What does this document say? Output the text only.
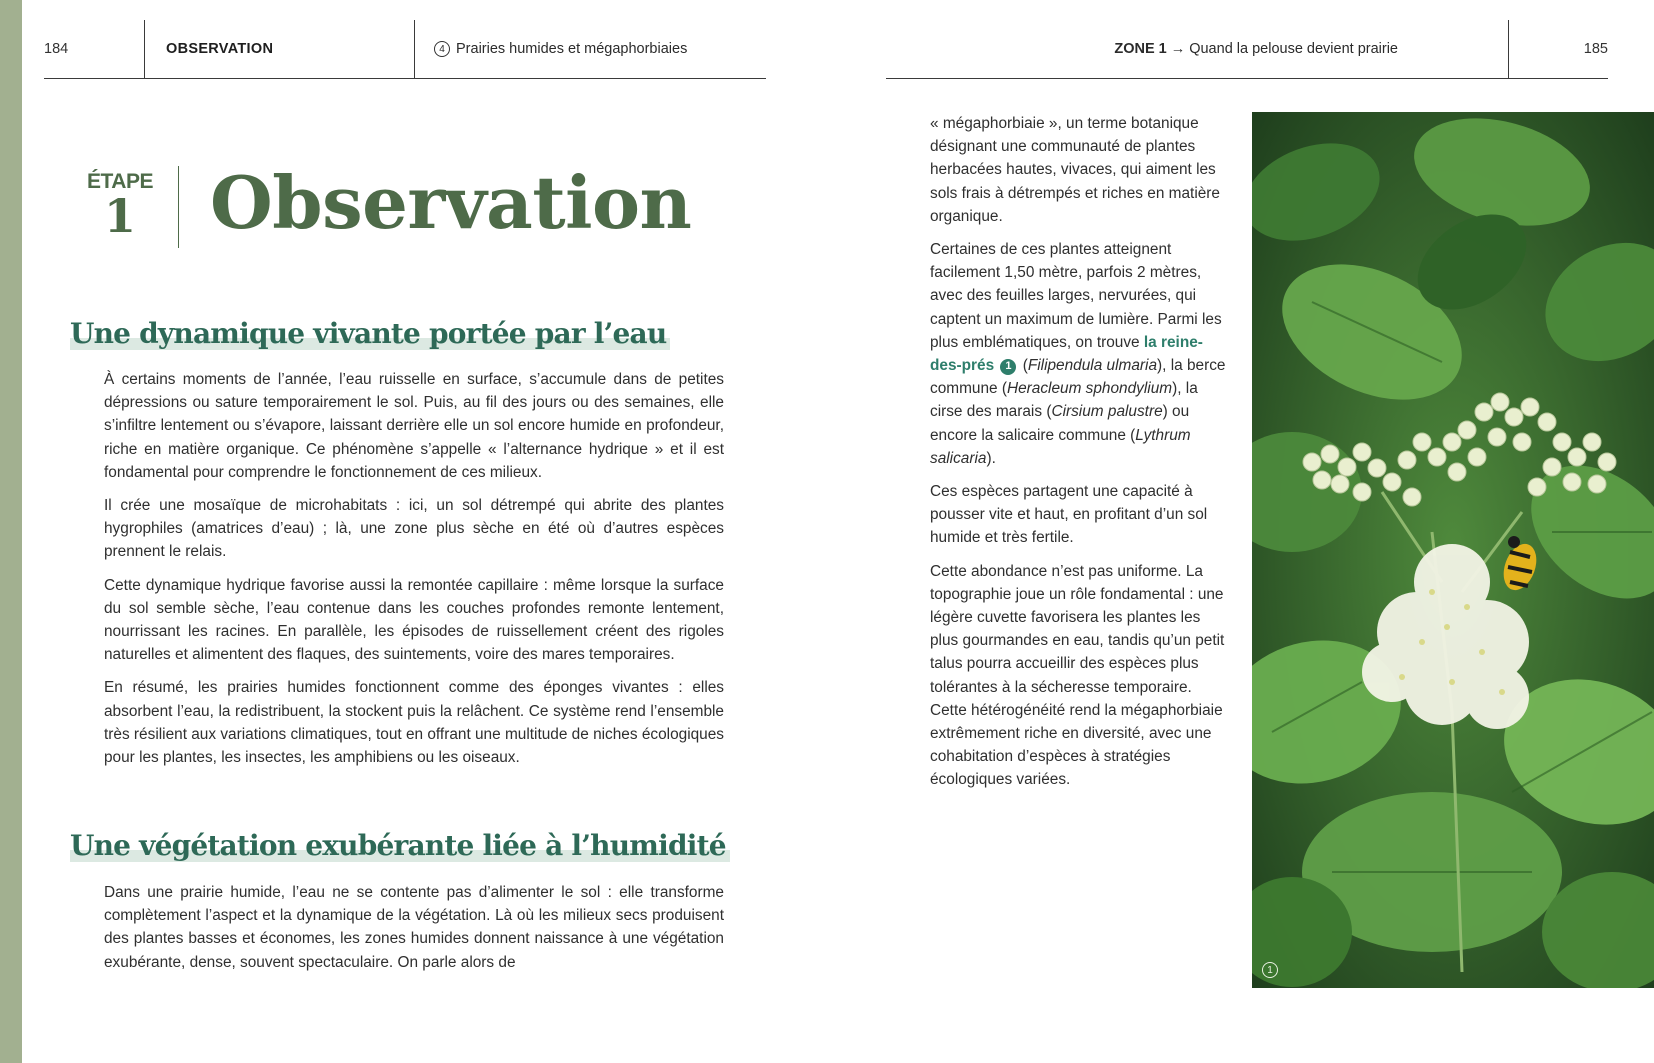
184	OBSERVATION	4 Prairies humides et mégaphorbiaies	ZONE 1 → Quand la pelouse devient prairie	185
ÉTAPE
1	Observation
Une dynamique vivante portée par l’eau

À certains moments de l’année, l’eau ruisselle en surface, s’accumule dans de petites dépressions ou sature temporairement le sol. Puis, au fil des jours ou des semaines, elle s’infiltre lentement ou s’évapore, laissant derrière elle un sol encore humide en profondeur, riche en matière organique. Ce phénomène s’appelle « l’alternance hydrique » et il est fondamental pour comprendre le fonctionnement de ces milieux.

Il crée une mosaïque de microhabitats : ici, un sol détrempé qui abrite des plantes hygrophiles (amatrices d’eau) ; là, une zone plus sèche en été où d’autres espèces prennent le relais.

Cette dynamique hydrique favorise aussi la remontée capillaire : même lorsque la surface du sol semble sèche, l’eau contenue dans les couches profondes remonte lentement, nourrissant les racines. En parallèle, les épisodes de ruissellement créent des rigoles naturelles et alimentent des flaques, des suintements, voire des mares temporaires.

En résumé, les prairies humides fonctionnent comme des éponges vivantes : elles absorbent l’eau, la redistribuent, la stockent puis la relâchent. Ce système rend l’ensemble très résilient aux variations climatiques, tout en offrant une multitude de niches écologiques pour les plantes, les insectes, les amphibiens ou les oiseaux.

Une végétation exubérante liée à l’humidité

Dans une prairie humide, l’eau ne se contente pas d’alimenter le sol : elle transforme complètement l’aspect et la dynamique de la végétation. Là où les milieux secs produisent des plantes basses et économes, les zones humides donnent naissance à une végétation exubérante, dense, souvent spectaculaire. On parle alors de

« mégaphorbiaie », un terme botanique désignant une communauté de plantes herbacées hautes, vivaces, qui aiment les sols frais à détrempés et riches en matière organique.

Certaines de ces plantes atteignent facilement 1,50 mètre, parfois 2 mètres, avec des feuilles larges, nervurées, qui captent un maximum de lumière. Parmi les plus emblématiques, on trouve la reine-des-prés 1 (Filipendula ulmaria), la berce commune (Heracleum sphondylium), la cirse des marais (Cirsium palustre) ou encore la salicaire commune (Lythrum salicaria).

Ces espèces partagent une capacité à pousser vite et haut, en profitant d’un sol humide et très fertile.

Cette abondance n’est pas uniforme. La topographie joue un rôle fondamental : une légère cuvette favorisera les plantes les plus gourmandes en eau, tandis qu’un petit talus pourra accueillir des espèces plus tolérantes à la sécheresse temporaire. Cette hétérogénéité rend la mégaphorbiaie extrêmement riche en diversité, avec une cohabitation d’espèces à stratégies écologiques variées.

1
